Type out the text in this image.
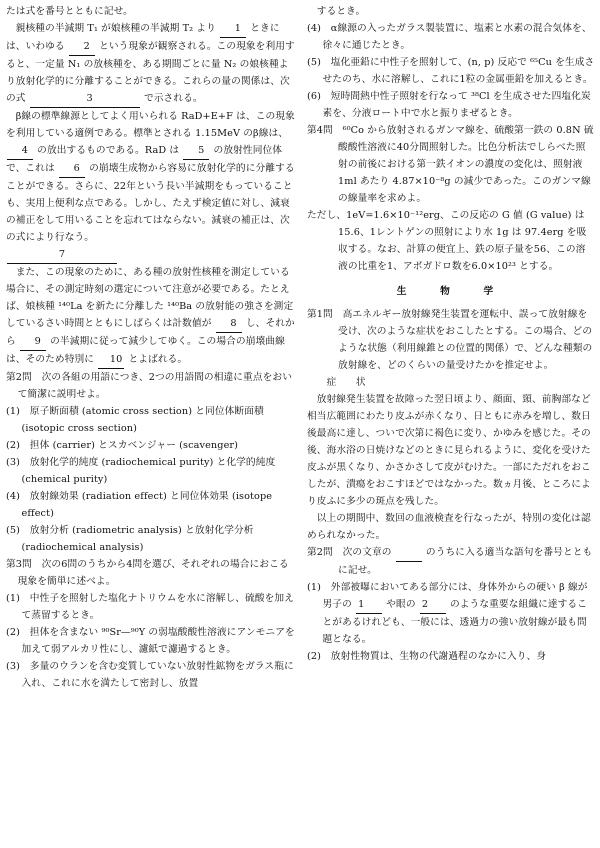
たは式を番号とともに記せ。

親核種の半減期 T₁ が娘核種の半減期 T₂ より 1 ときには、いわゆる 2 という現象が観察される。この現象を利用すると、一定量 N₁ の放核種を、ある期間ごとに量 N₂ の娘核種より放射化学的に分離することができる。これらの量の関係は、次の式	3	で示される。

β線の標準線源としてよく用いられる RaD+E+F は、この現象を利用している適例である。標準とされる 1.15MeV のβ線は、4 の放出するものである。RaD は 5 の放射性同位体で、これは 6 の崩壊生成物から容易に放射化学的に分離することができる。さらに、22年という長い半減期をもっていることも、実用上便利な点である。しかし、たえず検定値に対し、減衰の補正をして用いることを忘れてはならない。減衰の補正は、次の式により行なう。

7

また、この現象のために、ある種の放射性核種を測定している場合に、その測定時刻の選定について注意が必要である。たとえば、娘核種 ¹⁴⁰La を新たに分離した ¹⁴⁰Ba の放射能の強さを測定しているさい時間とともにしばらくは計数値が 8 し、それから 9 の半減期に従って減少してゆく。この場合の崩壊曲線は、そのため特別に 10 とよばれる。

第2問　次の各組の用語につき、2つの用語間の相違に重点をおいて簡潔に説明せよ。

(1)　原子断面積 (atomic cross section) と同位体断面積 (isotopic cross section)

(2)　担体 (carrier) とスカベンジャー (scavenger)

(3)　放射化学的純度 (radiochemical purity) と化学的純度 (chemical purity)

(4)　放射線効果 (radiation effect) と同位体効果 (isotope effect)

(5)　放射分析 (radiometric analysis) と放射化学分析 (radiochemical analysis)

第3問　次の6問のうちから4問を選び、それぞれの場合におこる現象を簡単に述べよ。

(1)　中性子を照射した塩化ナトリウムを水に溶解し、硫酸を加えて蒸留するとき。

(2)　担体を含まない ⁹⁰Sr—⁹⁰Y の弱塩酸酸性溶液にアンモニアを加えて弱アルカリ性にし、濾紙で濾過するとき。

(3)　多量のウランを含む変質していない放射性鉱物をガラス瓶に入れ、これに水を満たして密封し、放置

　するとき。

(4)　α線源の入ったガラス製装置に、塩素と水素の混合気体を、徐々に通じたとき。

(5)　塩化亜鉛に中性子を照射して、(n, p) 反応で ⁶⁵Cu を生成させたのち、水に溶解し、これに1粒の金属亜鉛を加えるとき。

(6)　短時間熱中性子照射を行なって ³⁸Cl を生成させた四塩化炭素を、分液ロート中で水と振りまぜるとき。

第4問　⁶⁰Co から放射されるガンマ線を、硫酸第一鉄の 0.8N 硫酸酸性溶液に40分間照射した。比色分析法でしらべた照射の前後における第一鉄イオンの濃度の変化は、照射液 1ml あたり 4.87×10⁻⁸g の減少であった。このガンマ線の線量率を求めよ。

ただし、1eV=1.6×10⁻¹²erg、この反応の G 値 (G value) は15.6、1レントゲンの照射により水 1g は 97.4erg を吸収する。なお、計算の便宜上、鉄の原子量を56、この溶液の比重を1、アボガドロ数を6.0×10²³ とする。

生　物　学

第1問　高エネルギー放射線発生装置を運転中、誤って放射線を受け、次のような症状をおこしたとする。この場合、どのような状態（利用線錐との位置的関係）で、どんな種類の放射線を、どのくらいの量受けたかを推定せよ。

　　症　　状

放射線発生装置を故障った翌日頃より、顔面、頸、前胸部など相当広範囲にわたり皮ふが赤くなり、日ともに赤みを増し、数日後最高に達し、ついで次第に褐色に変り、かゆみを感じた。その後、海水浴の日焼けなどのときに見られるように、変化を受けた皮ふが黒くなり、かさかさして皮がむけた。一部にただれをおこしたが、潰瘍をおこすほどではなかった。数ヵ月後、ところにより皮ふに多少の斑点を残した。

以上の期間中、数回の血液検査を行なったが、特別の変化は認められなかった。

第2問　次の文章の 　　	のうちに入る適当な語句を番号とともに記せ。

(1)　外部被曝においてある部分には、身体外からの硬い β 線が男子の 1 や眼の 2 のような重要な組織に達することがあるけれども、一般には、透過力の強い放射線が最も問題となる。

(2)　放射性物質は、生物の代謝過程のなかに入り、身
